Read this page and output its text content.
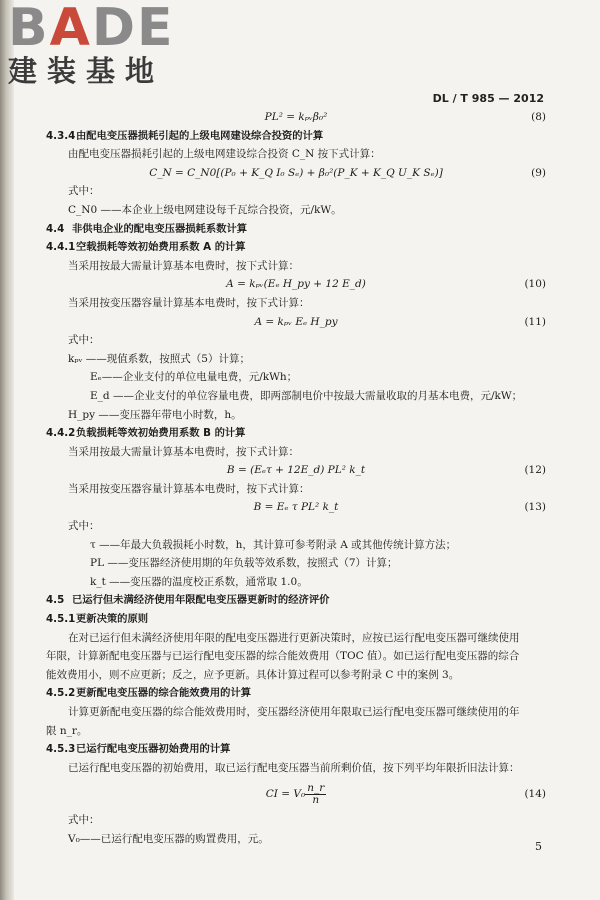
BADE
建装基地
DL / T 985 — 2012
PL² = kₚᵥβ₀²	(8)
4.3.4由配电变压器损耗引起的上级电网建设综合投资的计算
由配电变压器损耗引起的上级电网建设综合投资 C_N 按下式计算：
C_N = C_N0[(P₀ + K_Q I₀ Sₑ) + β₀²(P_K + K_Q U_K Sₑ)]	(9)
式中：
C_N0 ——本企业上级电网建设每千瓦综合投资，元/kW。
4.4 非供电企业的配电变压器损耗系数计算
4.4.1空载损耗等效初始费用系数 A 的计算
当采用按最大需量计算基本电费时，按下式计算：
A = kₚᵥ(Eₑ H_py + 12 E_d)	(10)
当采用按变压器容量计算基本电费时，按下式计算：
A = kₚᵥ Eₑ H_py	(11)
式中：
kₚᵥ ——现值系数，按照式（5）计算；
Eₑ——企业支付的单位电量电费，元/kWh；
E_d ——企业支付的单位容量电费，即两部制电价中按最大需量收取的月基本电费，元/kW；
H_py ——变压器年带电小时数，h。
4.4.2负载损耗等效初始费用系数 B 的计算
当采用按最大需量计算基本电费时，按下式计算：
B = (Eₑτ + 12E_d) PL² k_t	(12)
当采用按变压器容量计算基本电费时，按下式计算：
B = Eₑ τ PL² k_t	(13)
式中：
τ ——年最大负载损耗小时数，h，其计算可参考附录 A 或其他传统计算方法；
PL ——变压器经济使用期的年负载等效系数，按照式（7）计算；
k_t ——变压器的温度校正系数，通常取 1.0。
4.5 已运行但未满经济使用年限配电变压器更新时的经济评价
4.5.1更新决策的原则
在对已运行但未满经济使用年限的配电变压器进行更新决策时，应按已运行配电变压器可继续使用
年限，计算新配电变压器与已运行配电变压器的综合能效费用（TOC 值）。如已运行配电变压器的综合
能效费用小，则不应更新；反之，应予更新。具体计算过程可以参考附录 C 中的案例 3。
4.5.2更新配电变压器的综合能效费用的计算
计算更新配电变压器的综合能效费用时，变压器经济使用年限取已运行配电变压器可继续使用的年
限 n_r。
4.5.3已运行配电变压器初始费用的计算
已运行配电变压器的初始费用，取已运行配电变压器当前所剩价值，按下列平均年限折旧法计算：
CI = $V_0 \frac{n\_r}{n}$	(14)
式中：
V₀——已运行配电变压器的购置费用，元。
5
